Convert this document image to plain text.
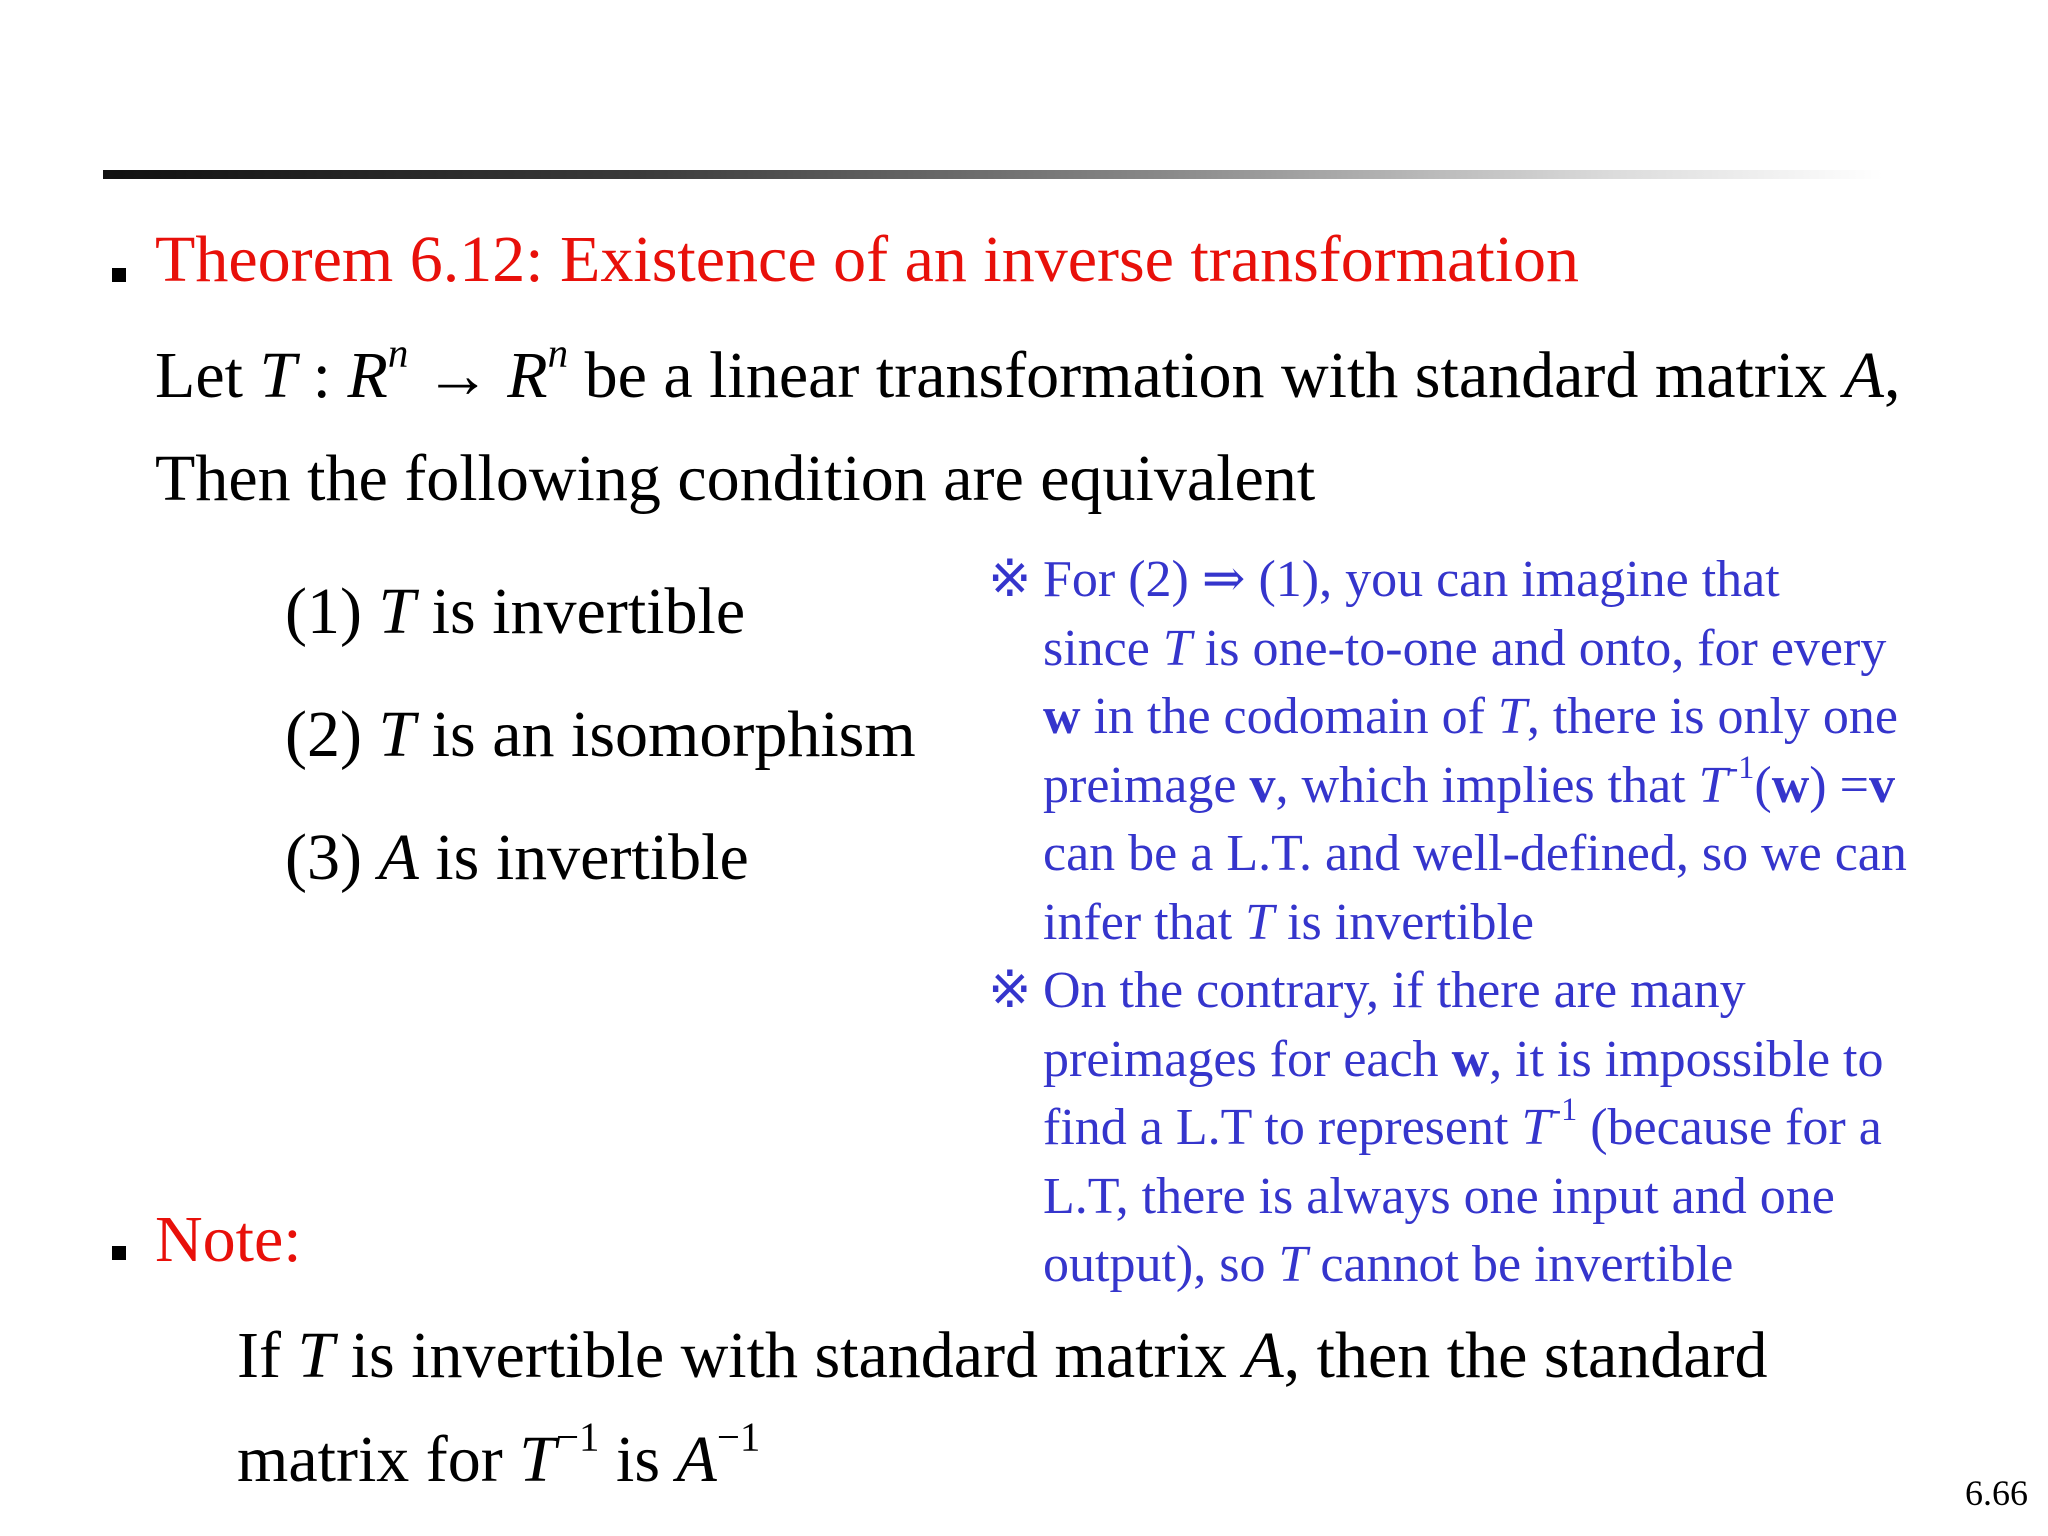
Theorem 6.12: Existence of an inverse transformation
Let T : $R^n \to R^n$ be a linear transformation with standard matrix A,
Then the following condition are equivalent
(1) T is invertible
(2) T is an isomorphism
(3) A is invertible
※ For (2) ⇒ (1), you can imagine that
since T is one-to-one and onto, for every
w in the codomain of T, there is only one
preimage v, which implies that $T^{-1}(w) =v$
can be a L.T. and well-defined, so we can
infer that T is invertible
※ On the contrary, if there are many
preimages for each w, it is impossible to
find a L.T to represent $T^{-1}$ (because for a
L.T, there is always one input and one
output), so T cannot be invertible
Note:
If T is invertible with standard matrix A, then the standard
matrix for $T^{-1}$ is $A^{-1}$
6.66
